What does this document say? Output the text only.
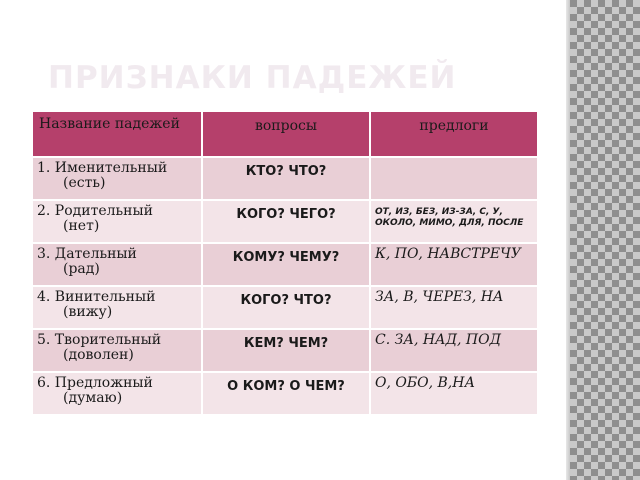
ПРИЗНАКИ ПАДЕЖЕЙ
Название падежей	вопросы	предлоги
1. Именительный
(есть)	КТО? ЧТО?	
2. Родительный
(нет)	КОГО? ЧЕГО?	ОТ, ИЗ, БЕЗ, ИЗ-ЗА, С, У, ОКОЛО, МИМО, ДЛЯ, ПОСЛЕ
3. Дательный
(рад)	КОМУ? ЧЕМУ?	К, ПО, НАВСТРЕЧУ
4. Винительный
(вижу)	КОГО? ЧТО?	ЗА, В, ЧЕРЕЗ, НА
5. Творительный
(доволен)	КЕМ? ЧЕМ?	С. ЗА, НАД, ПОД
6. Предложный
(думаю)	О КОМ? О ЧЕМ?	О, ОБО, В,НА
